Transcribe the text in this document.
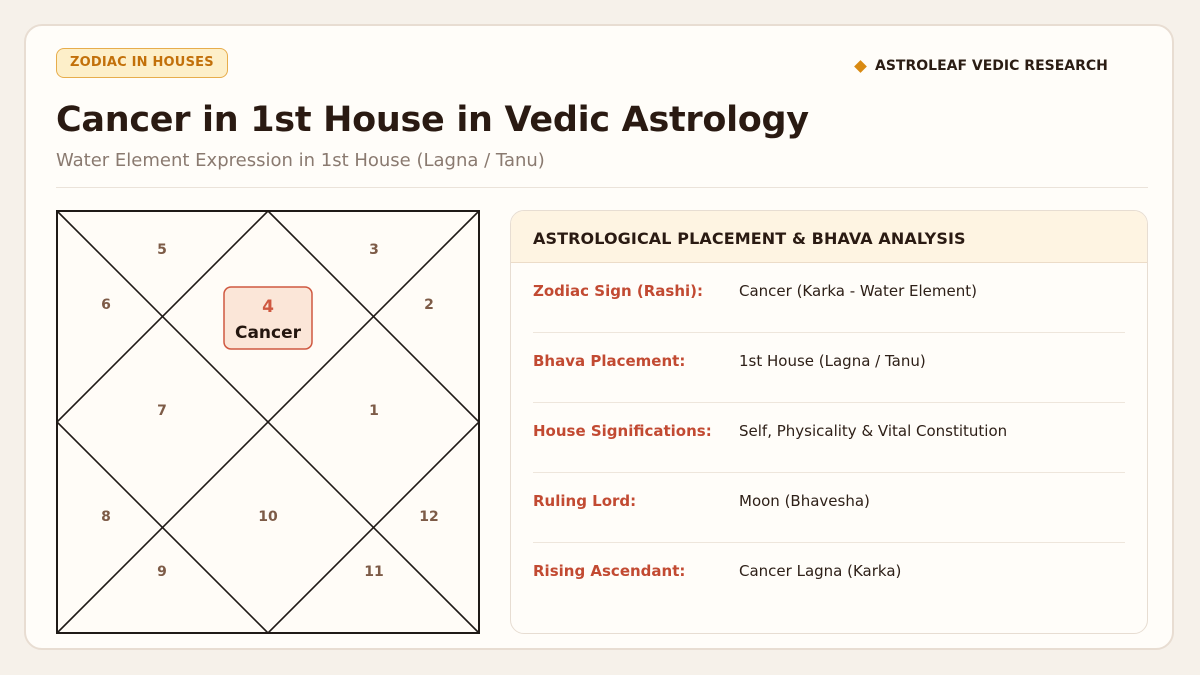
ZODIAC IN HOUSES	ASTROLEAF VEDIC RESEARCH
Cancer in 1st House in Vedic Astrology
Water Element Expression in 1st House (Lagna / Tanu)
4
Cancer
5	3
6	2
7	1
8	10	12
9	11
ASTROLOGICAL PLACEMENT & BHAVA ANALYSIS
Zodiac Sign (Rashi):	Cancer (Karka - Water Element)
Bhava Placement:	1st House (Lagna / Tanu)
House Significations:	Self, Physicality & Vital Constitution
Ruling Lord:	Moon (Bhavesha)
Rising Ascendant:	Cancer Lagna (Karka)
